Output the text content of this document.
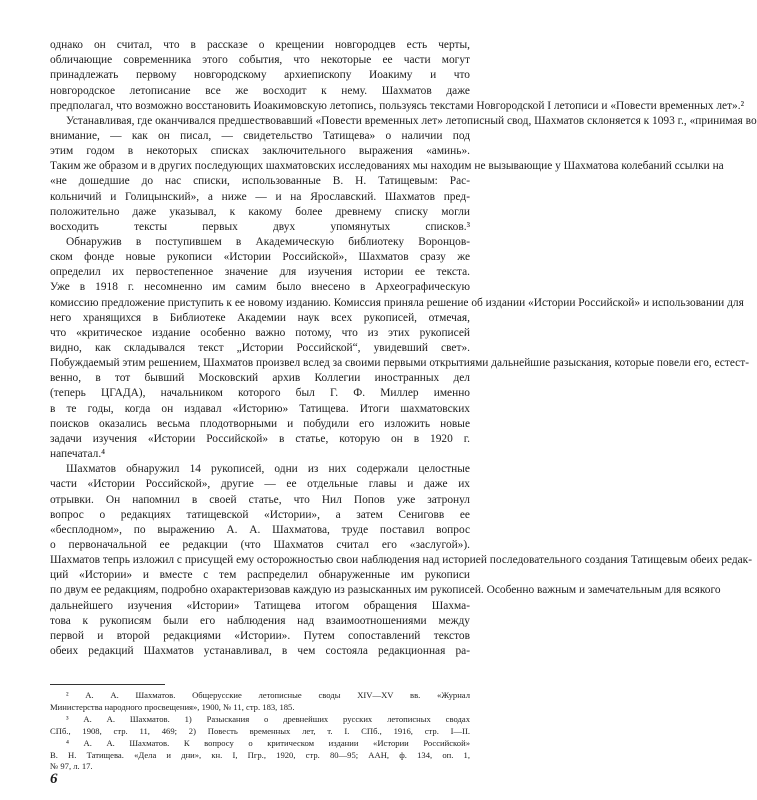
однако он считал, что в рассказе о крещении новгородцев есть черты,
обличающие современника этого события, что некоторые ее части могут
принадлежать первому новгородскому архиепископу Иоакиму и что
новгородское летописание все же восходит к нему. Шахматов даже
предполагал, что возможно восстановить Иоакимовскую летопись, пользуясь текстами Новгородской I летописи и «Повести временных лет».²
Устанавливая, где оканчивался предшествовавший «Повести временных лет» летописный свод, Шахматов склоняется к 1093 г., «принимая во
внимание, — как он писал, — свидетельство Татищева» о наличии под
этим годом в некоторых списках заключительного выражения «аминь».
Таким же образом и в других последующих шахматовских исследованиях мы находим не вызывающие у Шахматова колебаний ссылки на
«не дошедшие до нас списки, использованные В. Н. Татищевым: Рас-
кольничий и Голицынский», а ниже — и на Ярославский. Шахматов пред-
положительно даже указывал, к какому более древнему списку могли
восходить тексты первых двух упомянутых списков.³
Обнаружив в поступившем в Академическую библиотеку Воронцов-
ском фонде новые рукописи «Истории Российской», Шахматов сразу же
определил их первостепенное значение для изучения истории ее текста.
Уже в 1918 г. несомненно им самим было внесено в Археографическую
комиссию предложение приступить к ее новому изданию. Комиссия приняла решение об издании «Истории Российской» и использовании для
него хранящихся в Библиотеке Академии наук всех рукописей, отмечая,
что «критическое издание особенно важно потому, что из этих рукописей
видно, как складывался текст „Истории Российской“, увидевший свет».
Побуждаемый этим решением, Шахматов произвел вслед за своими первыми открытиями дальнейшие разыскания, которые повели его, естест-
венно, в тот бывший Московский архив Коллегии иностранных дел
(теперь ЦГАДА), начальником которого был Г. Ф. Миллер именно
в те годы, когда он издавал «Историю» Татищева. Итоги шахматовских
поисков оказались весьма плодотворными и побудили его изложить новые
задачи изучения «Истории Российской» в статье, которую он в 1920 г.
напечатал.⁴
Шахматов обнаружил 14 рукописей, одни из них содержали целостные
части «Истории Российской», другие — ее отдельные главы и даже их
отрывки. Он напомнил в своей статье, что Нил Попов уже затронул
вопрос о редакциях татищевской «Истории», а затем Сениговв ее
«бесплодном», по выражению А. А. Шахматова, труде поставил вопрос
о первоначальной ее редакции (что Шахматов считал его «заслугой»).
Шахматов тепрь изложил с присущей ему осторожностью свои наблюдения над историей последовательного создания Татищевым обеих редак-
ций «Истории» и вместе с тем распределил обнаруженные им рукописи
по двум ее редакциям, подробно охарактеризовав каждую из разысканных им рукописей. Особенно важным и замечательным для всякого
дальнейшего изучения «Истории» Татищева итогом обращения Шахма-
това к рукописям были его наблюдения над взаимоотношениями между
первой и второй редакциями «Истории». Путем сопоставлений текстов
обеих редакций Шахматов устанавливал, в чем состояла редакционная ра-
² А. А. Шахматов. Общерусские летописные своды XIV—XV вв. «Журнал
Министерства народного просвещения», 1900, № 11, стр. 183, 185.
³ А. А. Шахматов. 1) Разыскания о древнейших русских летописных сводах
СПб., 1908, стр. 11, 469; 2) Повесть временных лет, т. I. СПб., 1916, стр. I—II.
⁴ А. А. Шахматов. К вопросу о критическом издании «Истории Российской»
В. Н. Татищева. «Дела и дни», кн. I, Пгр., 1920, стр. 80—95; ААН, ф. 134, оп. 1,
№ 97, л. 17.
6
